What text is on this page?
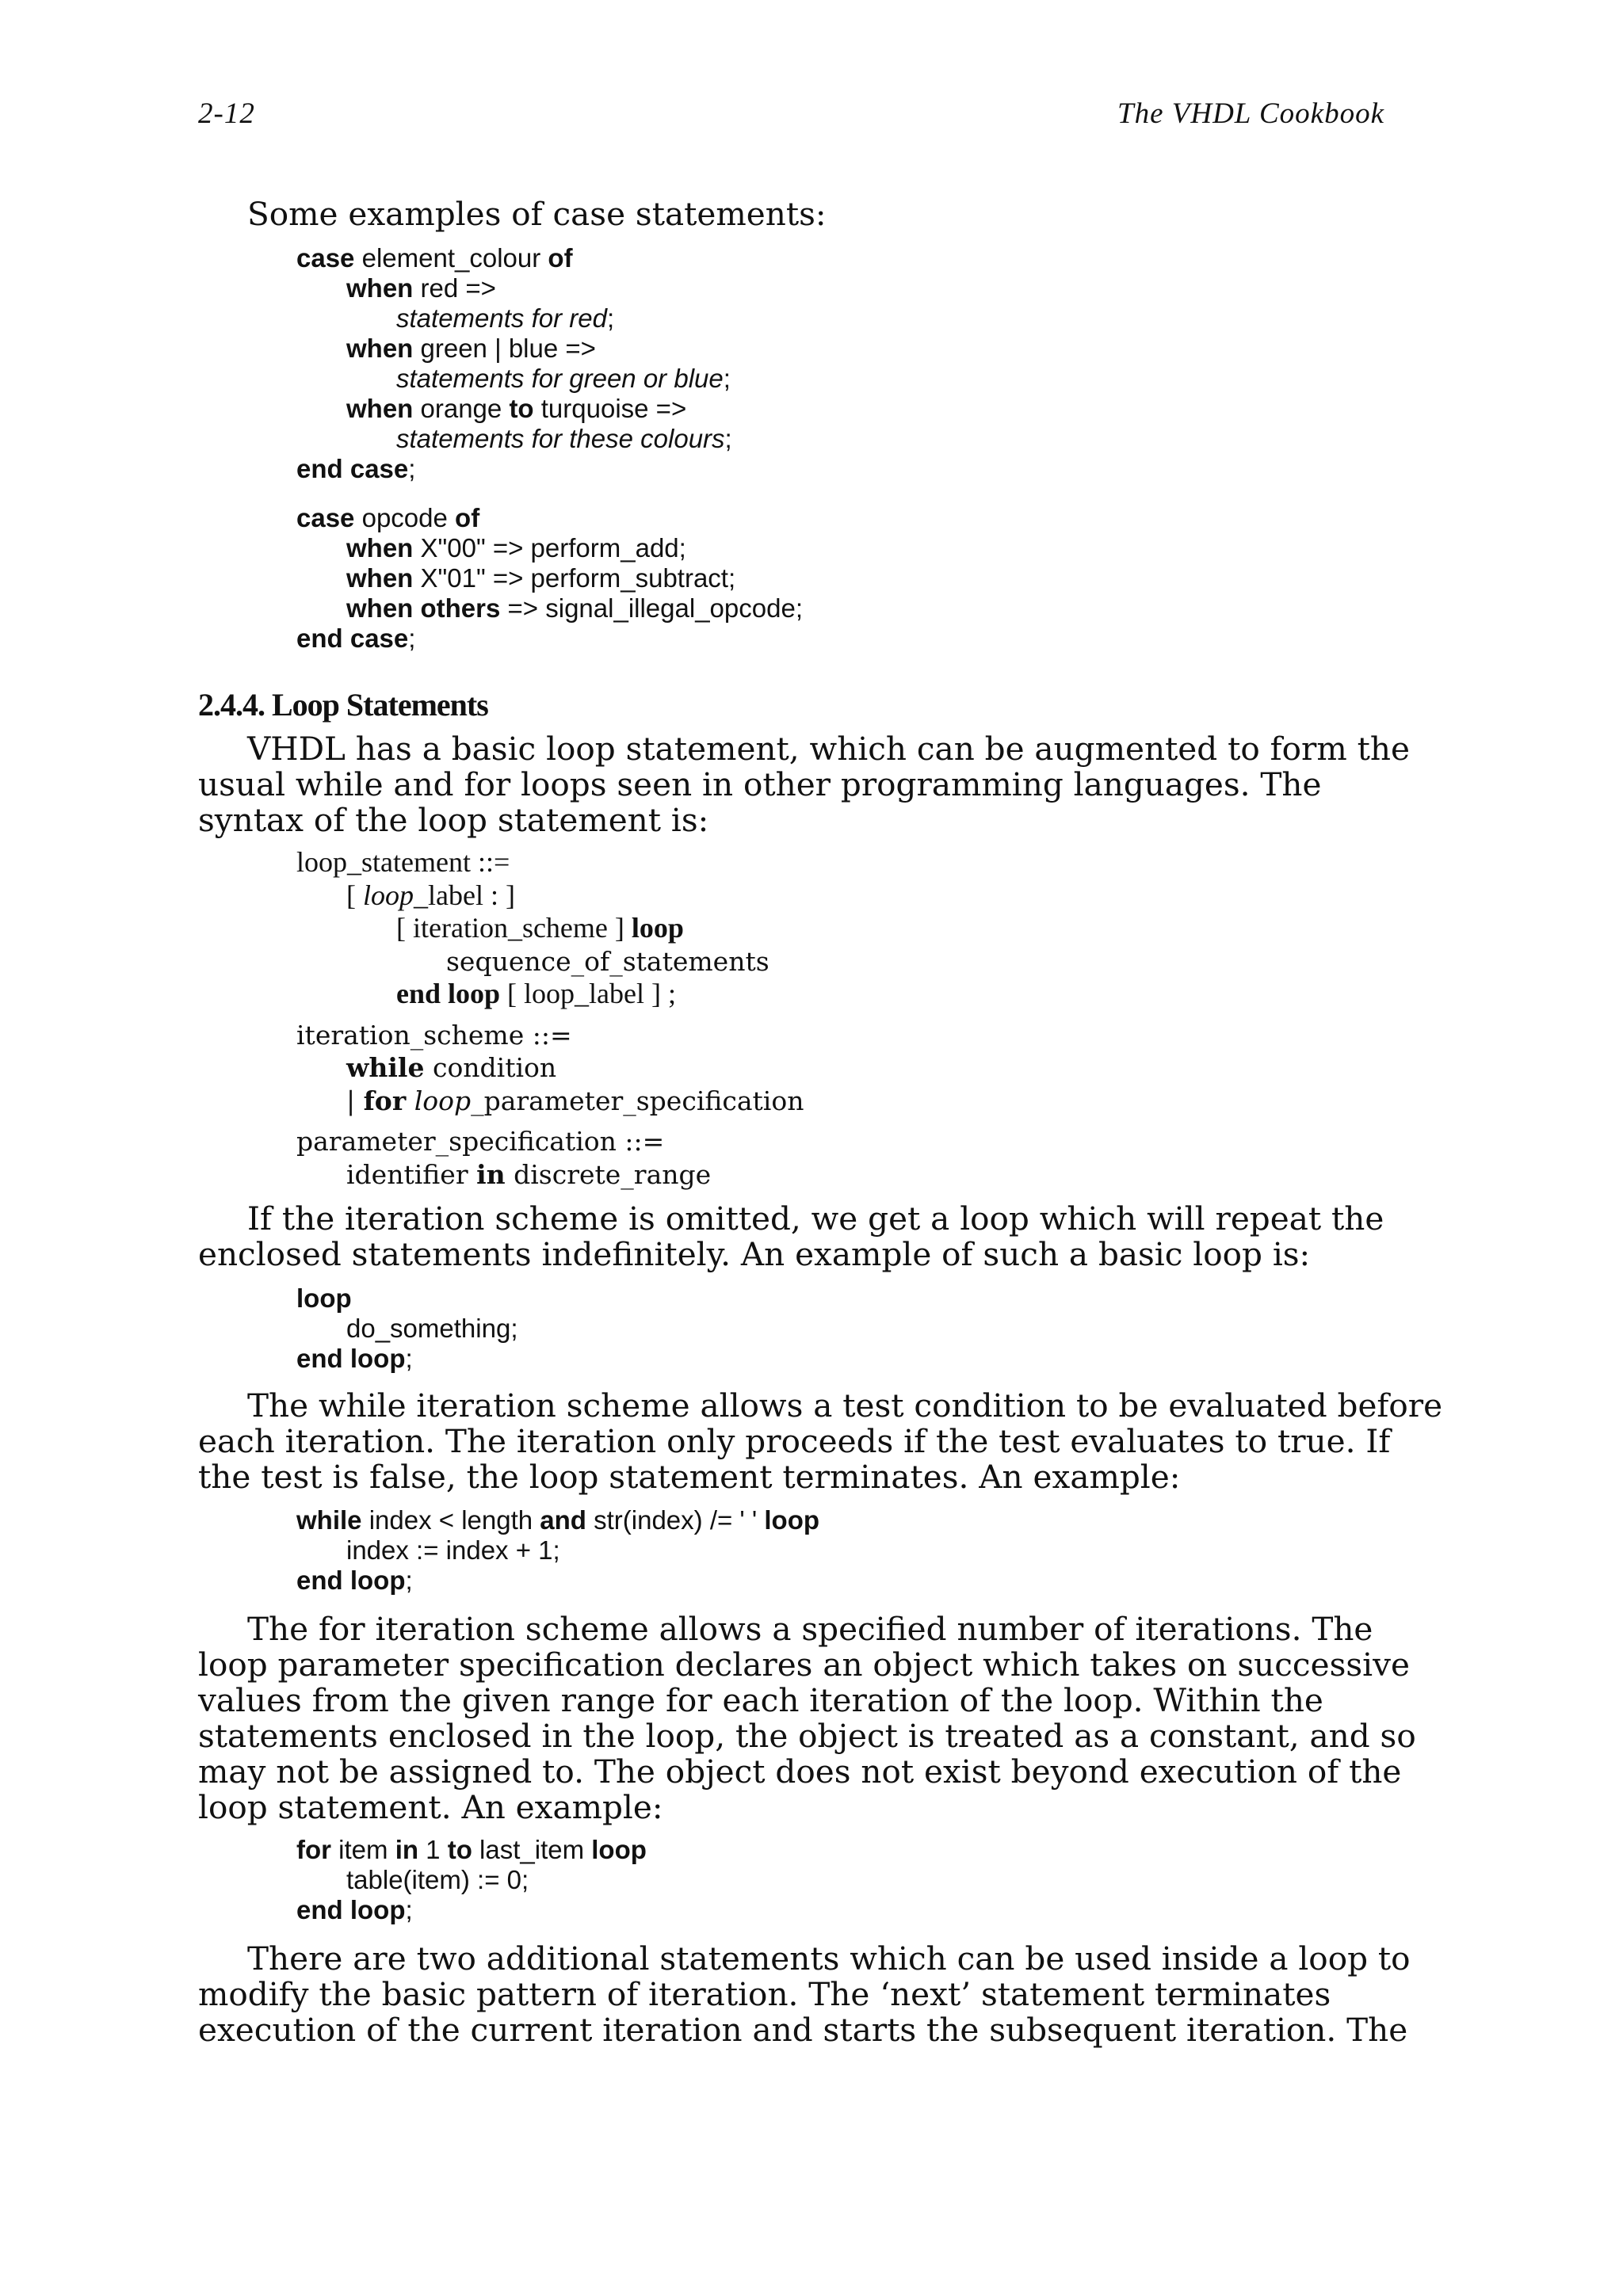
2-12	The VHDL Cookbook
Some examples of case statements:
case element_colour of
when red =>
statements for red;
when green | blue =>
statements for green or blue;
when orange to turquoise =>
statements for these colours;
end case;
case opcode of
when X"00" => perform_add;
when X"01" => perform_subtract;
when others => signal_illegal_opcode;
end case;
2.4.4. Loop Statements
VHDL has a basic loop statement, which can be augmented to form the
usual while and for loops seen in other programming languages. The
syntax of the loop statement is:
loop_statement ::=
[ loop_label : ]
[ iteration_scheme ] loop
sequence_of_statements
end loop [ loop_label ] ;
iteration_scheme ::=
while condition
| for loop_parameter_specification
parameter_specification ::=
identifier in discrete_range
If the iteration scheme is omitted, we get a loop which will repeat the
enclosed statements indefinitely. An example of such a basic loop is:
loop
do_something;
end loop;
The while iteration scheme allows a test condition to be evaluated before
each iteration. The iteration only proceeds if the test evaluates to true. If
the test is false, the loop statement terminates. An example:
while index < length and str(index) /= ' ' loop
index := index + 1;
end loop;
The for iteration scheme allows a specified number of iterations. The
loop parameter specification declares an object which takes on successive
values from the given range for each iteration of the loop. Within the
statements enclosed in the loop, the object is treated as a constant, and so
may not be assigned to. The object does not exist beyond execution of the
loop statement. An example:
for item in 1 to last_item loop
table(item) := 0;
end loop;
There are two additional statements which can be used inside a loop to
modify the basic pattern of iteration. The ‘next’ statement terminates
execution of the current iteration and starts the subsequent iteration. The
